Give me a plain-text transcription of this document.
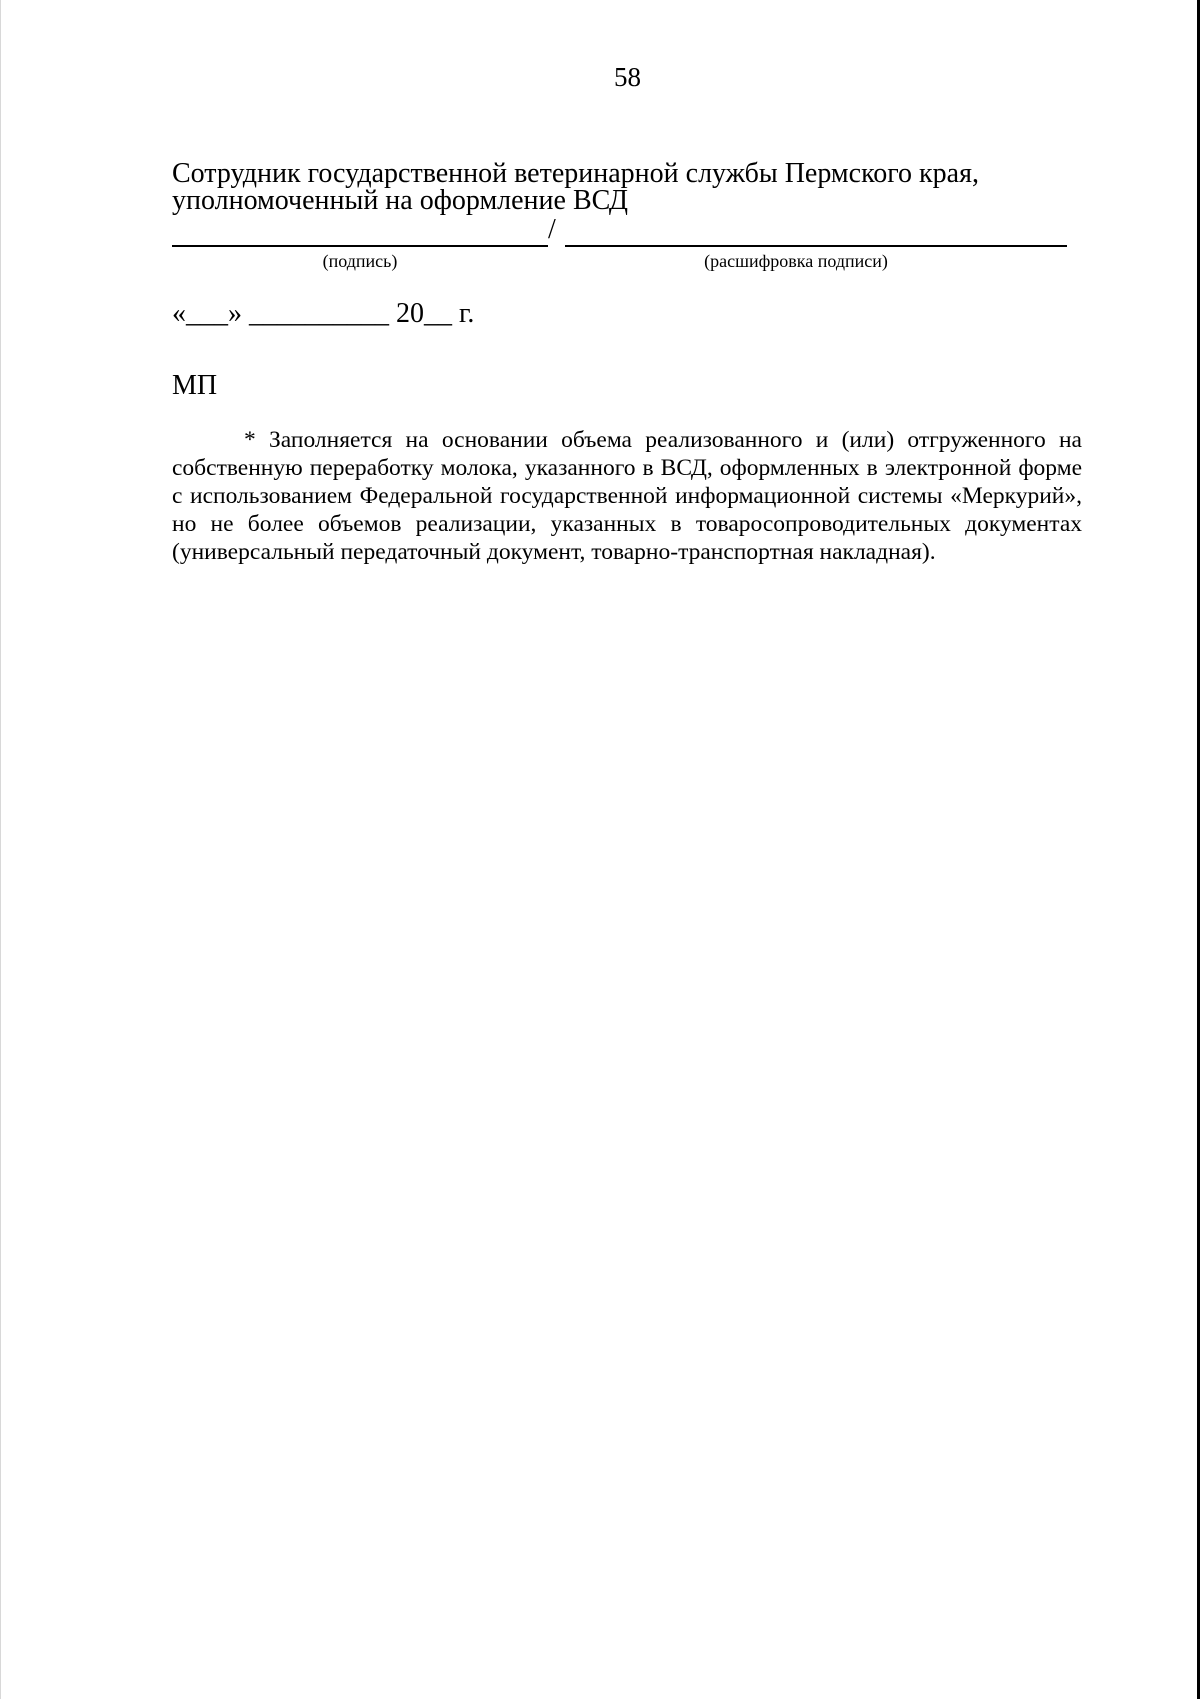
58
Сотрудник государственной ветеринарной службы Пермского края,
уполномоченный на оформление ВСД
/
(подпись)	(расшифровка подписи)
«___» __________ 20__ г.
МП
* Заполняется на основании объема реализованного и (или) отгруженного на собственную переработку молока, указанного в ВСД, оформленных в электронной форме с использованием Федеральной государственной информационной системы «Меркурий», но не более объемов реализации, указанных в товаросопроводительных документах (универсальный передаточный документ, товарно-транспортная накладная).
